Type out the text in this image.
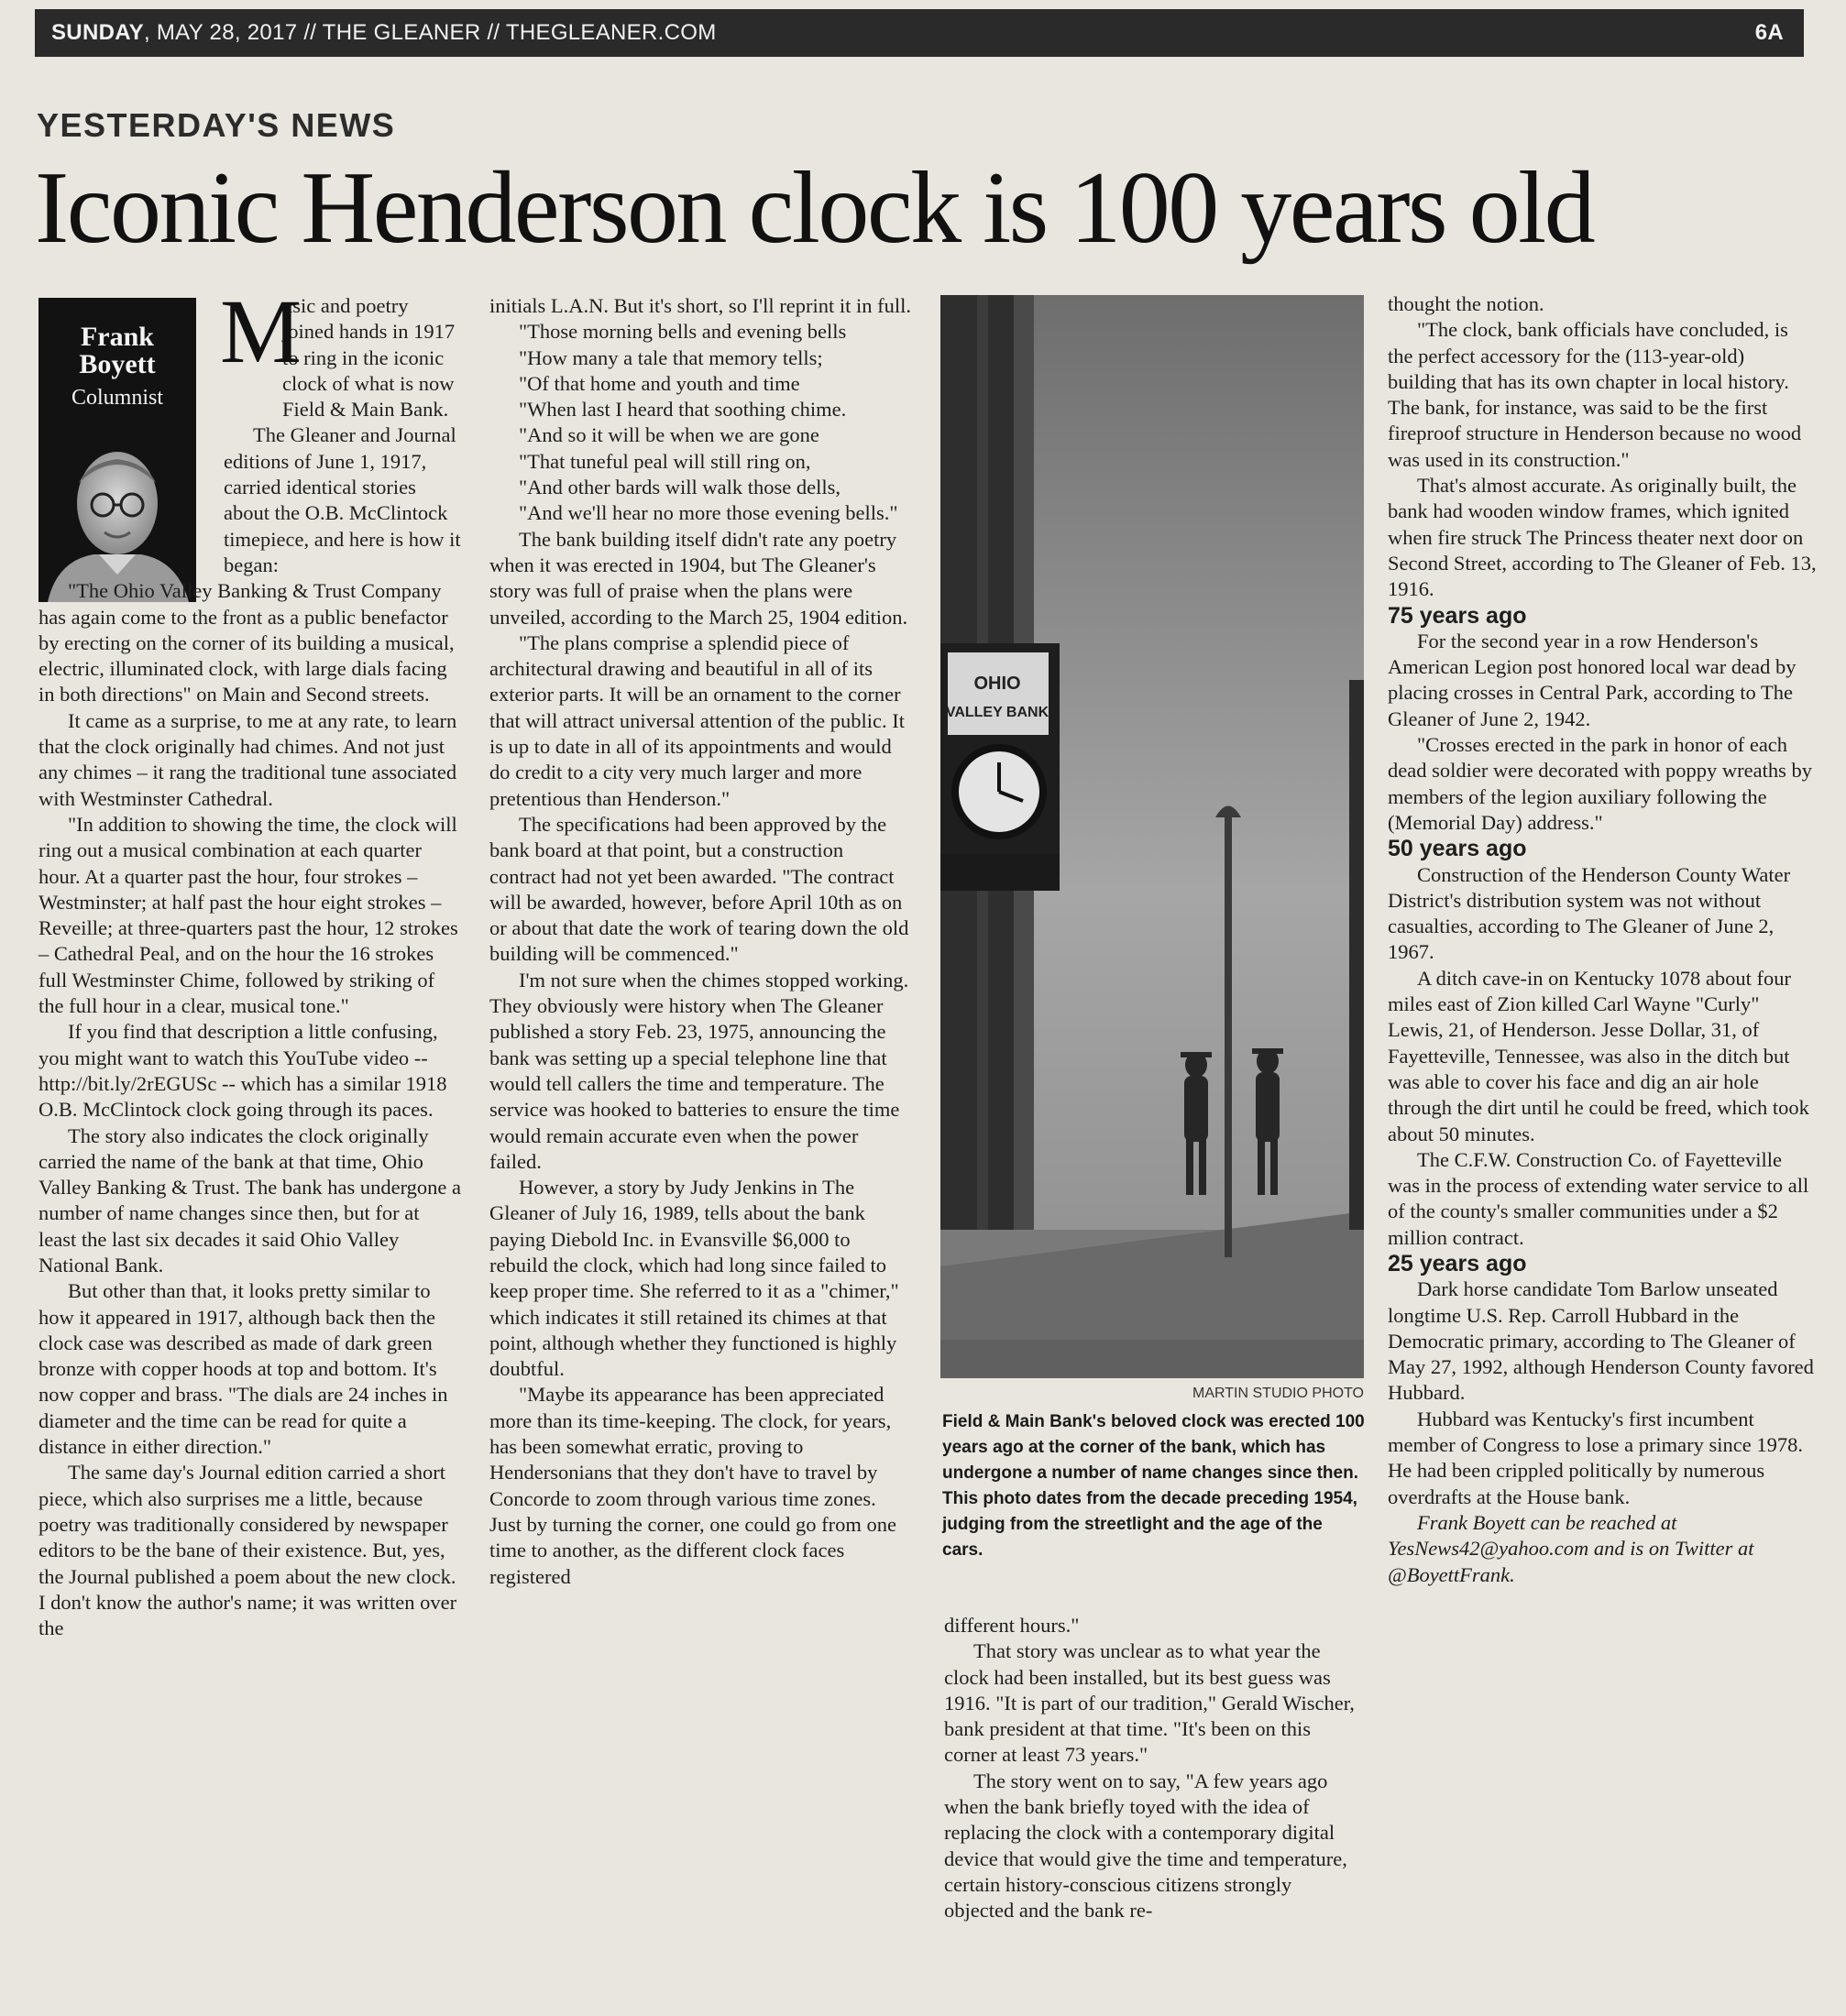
SUNDAY, MAY 28, 2017 // THE GLEANER // THEGLEANER.COM	6A
YESTERDAY'S NEWS
Iconic Henderson clock is 100 years old
Frank
Boyett
Columnist
M

usic and poetry joined hands in 1917 to ring in the iconic clock of what is now Field & Main Bank.

The Gleaner and Journal editions of June 1, 1917, carried identical stories about the O.B. McClintock timepiece, and here is how it began:

"The Ohio Valley Banking & Trust Company has again come to the front as a public benefactor by erecting on the corner of its building a musical, electric, illuminated clock, with large dials facing in both directions" on Main and Second streets.

It came as a surprise, to me at any rate, to learn that the clock originally had chimes. And not just any chimes – it rang the traditional tune associated with Westminster Cathedral.

"In addition to showing the time, the clock will ring out a musical combination at each quarter hour. At a quarter past the hour, four strokes – Westminster; at half past the hour eight strokes – Reveille; at three-quarters past the hour, 12 strokes – Cathedral Peal, and on the hour the 16 strokes full Westminster Chime, followed by striking of the full hour in a clear, musical tone."

If you find that description a little confusing, you might want to watch this YouTube video -- http://bit.ly/2rEGUSc -- which has a similar 1918 O.B. McClintock clock going through its paces.

The story also indicates the clock originally carried the name of the bank at that time, Ohio Valley Banking & Trust. The bank has undergone a number of name changes since then, but for at least the last six decades it said Ohio Valley National Bank.

But other than that, it looks pretty similar to how it appeared in 1917, although back then the clock case was described as made of dark green bronze with copper hoods at top and bottom. It's now copper and brass. "The dials are 24 inches in diameter and the time can be read for quite a distance in either direction."

The same day's Journal edition carried a short piece, which also surprises me a little, because poetry was traditionally considered by newspaper editors to be the bane of their existence. But, yes, the Journal published a poem about the new clock. I don't know the author's name; it was written over the

initials L.A.N. But it's short, so I'll reprint it in full.

"Those morning bells and evening bells

"How many a tale that memory tells;

"Of that home and youth and time

"When last I heard that soothing chime.

"And so it will be when we are gone

"That tuneful peal will still ring on,

"And other bards will walk those dells,

"And we'll hear no more those evening bells."

The bank building itself didn't rate any poetry when it was erected in 1904, but The Gleaner's story was full of praise when the plans were unveiled, according to the March 25, 1904 edition.

"The plans comprise a splendid piece of architectural drawing and beautiful in all of its exterior parts. It will be an ornament to the corner that will attract universal attention of the public. It is up to date in all of its appointments and would do credit to a city very much larger and more pretentious than Henderson."

The specifications had been approved by the bank board at that point, but a construction contract had not yet been awarded. "The contract will be awarded, however, before April 10th as on or about that date the work of tearing down the old building will be commenced."

I'm not sure when the chimes stopped working. They obviously were history when The Gleaner published a story Feb. 23, 1975, announcing the bank was setting up a special telephone line that would tell callers the time and temperature. The service was hooked to batteries to ensure the time would remain accurate even when the power failed.

However, a story by Judy Jenkins in The Gleaner of July 16, 1989, tells about the bank paying Diebold Inc. in Evansville $6,000 to rebuild the clock, which had long since failed to keep proper time. She referred to it as a "chimer," which indicates it still retained its chimes at that point, although whether they functioned is highly doubtful.

"Maybe its appearance has been appreciated more than its time-keeping. The clock, for years, has been somewhat erratic, proving to Hendersonians that they don't have to travel by Concorde to zoom through various time zones. Just by turning the corner, one could go from one time to another, as the different clock faces registered

OHIO
VALLEY BANK
MARTIN STUDIO PHOTO
Field & Main Bank's beloved clock was erected 100 years ago at the corner of the bank, which has undergone a number of name changes since then. This photo dates from the decade preceding 1954, judging from the streetlight and the age of the cars.

different hours."

That story was unclear as to what year the clock had been installed, but its best guess was 1916. "It is part of our tradition," Gerald Wischer, bank president at that time. "It's been on this corner at least 73 years."

The story went on to say, "A few years ago when the bank briefly toyed with the idea of replacing the clock with a contemporary digital device that would give the time and temperature, certain history-conscious citizens strongly objected and the bank re-

thought the notion.

"The clock, bank officials have concluded, is the perfect accessory for the (113-year-old) building that has its own chapter in local history. The bank, for instance, was said to be the first fireproof structure in Henderson because no wood was used in its construction."

That's almost accurate. As originally built, the bank had wooden window frames, which ignited when fire struck The Princess theater next door on Second Street, according to The Gleaner of Feb. 13, 1916.

75 years ago

For the second year in a row Henderson's American Legion post honored local war dead by placing crosses in Central Park, according to The Gleaner of June 2, 1942.

"Crosses erected in the park in honor of each dead soldier were decorated with poppy wreaths by members of the legion auxiliary following the (Memorial Day) address."

50 years ago

Construction of the Henderson County Water District's distribution system was not without casualties, according to The Gleaner of June 2, 1967.

A ditch cave-in on Kentucky 1078 about four miles east of Zion killed Carl Wayne "Curly" Lewis, 21, of Henderson. Jesse Dollar, 31, of Fayetteville, Tennessee, was also in the ditch but was able to cover his face and dig an air hole through the dirt until he could be freed, which took about 50 minutes.

The C.F.W. Construction Co. of Fayetteville was in the process of extending water service to all of the county's smaller communities under a $2 million contract.

25 years ago

Dark horse candidate Tom Barlow unseated longtime U.S. Rep. Carroll Hubbard in the Democratic primary, according to The Gleaner of May 27, 1992, although Henderson County favored Hubbard.

Hubbard was Kentucky's first incumbent member of Congress to lose a primary since 1978. He had been crippled politically by numerous overdrafts at the House bank.

Frank Boyett can be reached at YesNews42@yahoo.com and is on Twitter at @BoyettFrank.
